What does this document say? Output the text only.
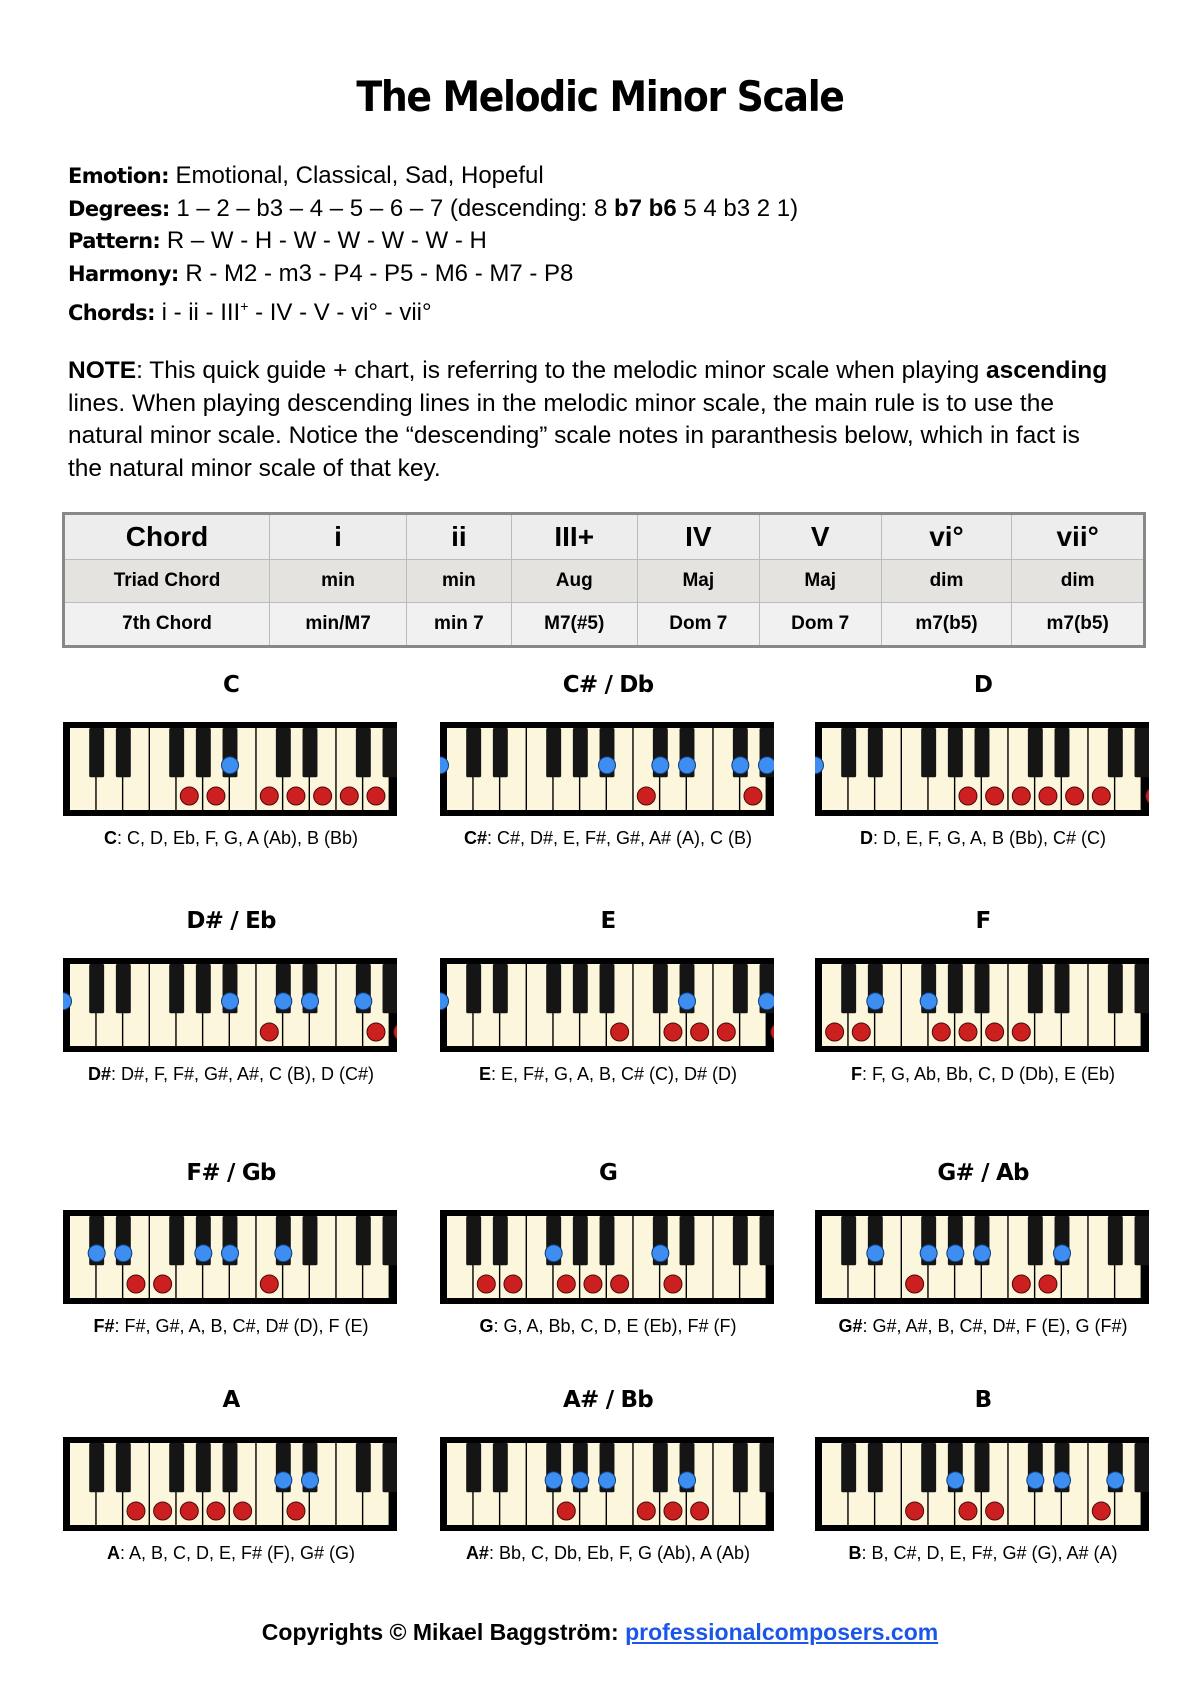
The Melodic Minor Scale
Emotion: Emotional, Classical, Sad, Hopeful
Degrees: 1 – 2 – b3 – 4 – 5 – 6 – 7 (descending: 8 b7 b6 5 4 b3 2 1)
Pattern: R – W - H - W - W - W - W - H
Harmony: R - M2 - m3 - P4 - P5 - M6 - M7 - P8
Chords: i - ii - III+ - IV - V - vi° - vii°
NOTE: This quick guide + chart, is referring to the melodic minor scale when playing ascending lines. When playing descending lines in the melodic minor scale, the main rule is to use the natural minor scale. Notice the “descending” scale notes in paranthesis below, which in fact is the natural minor scale of that key.
Chord	i	ii	III+	IV	V	vi°	vii°
Triad Chord	min	min	Aug	Maj	Maj	dim	dim
7th Chord	min/M7	min 7	M7(#5)	Dom 7	Dom 7	m7(b5)	m7(b5)
C
C: C, D, Eb, F, G, A (Ab), B (Bb)
C# / Db
C#: C#, D#, E, F#, G#, A# (A), C (B)
D
D: D, E, F, G, A, B (Bb), C# (C)
D# / Eb
D#: D#, F, F#, G#, A#, C (B), D (C#)
E
E: E, F#, G, A, B, C# (C), D# (D)
F
F: F, G, Ab, Bb, C, D (Db), E (Eb)
F# / Gb
F#: F#, G#, A, B, C#, D# (D), F (E)
G
G: G, A, Bb, C, D, E (Eb), F# (F)
G# / Ab
G#: G#, A#, B, C#, D#, F (E), G (F#)
A
A: A, B, C, D, E, F# (F), G# (G)
A# / Bb
A#: Bb, C, Db, Eb, F, G (Ab), A (Ab)
B
B: B, C#, D, E, F#, G# (G), A# (A)
Copyrights © Mikael Baggström: professionalcomposers.com
